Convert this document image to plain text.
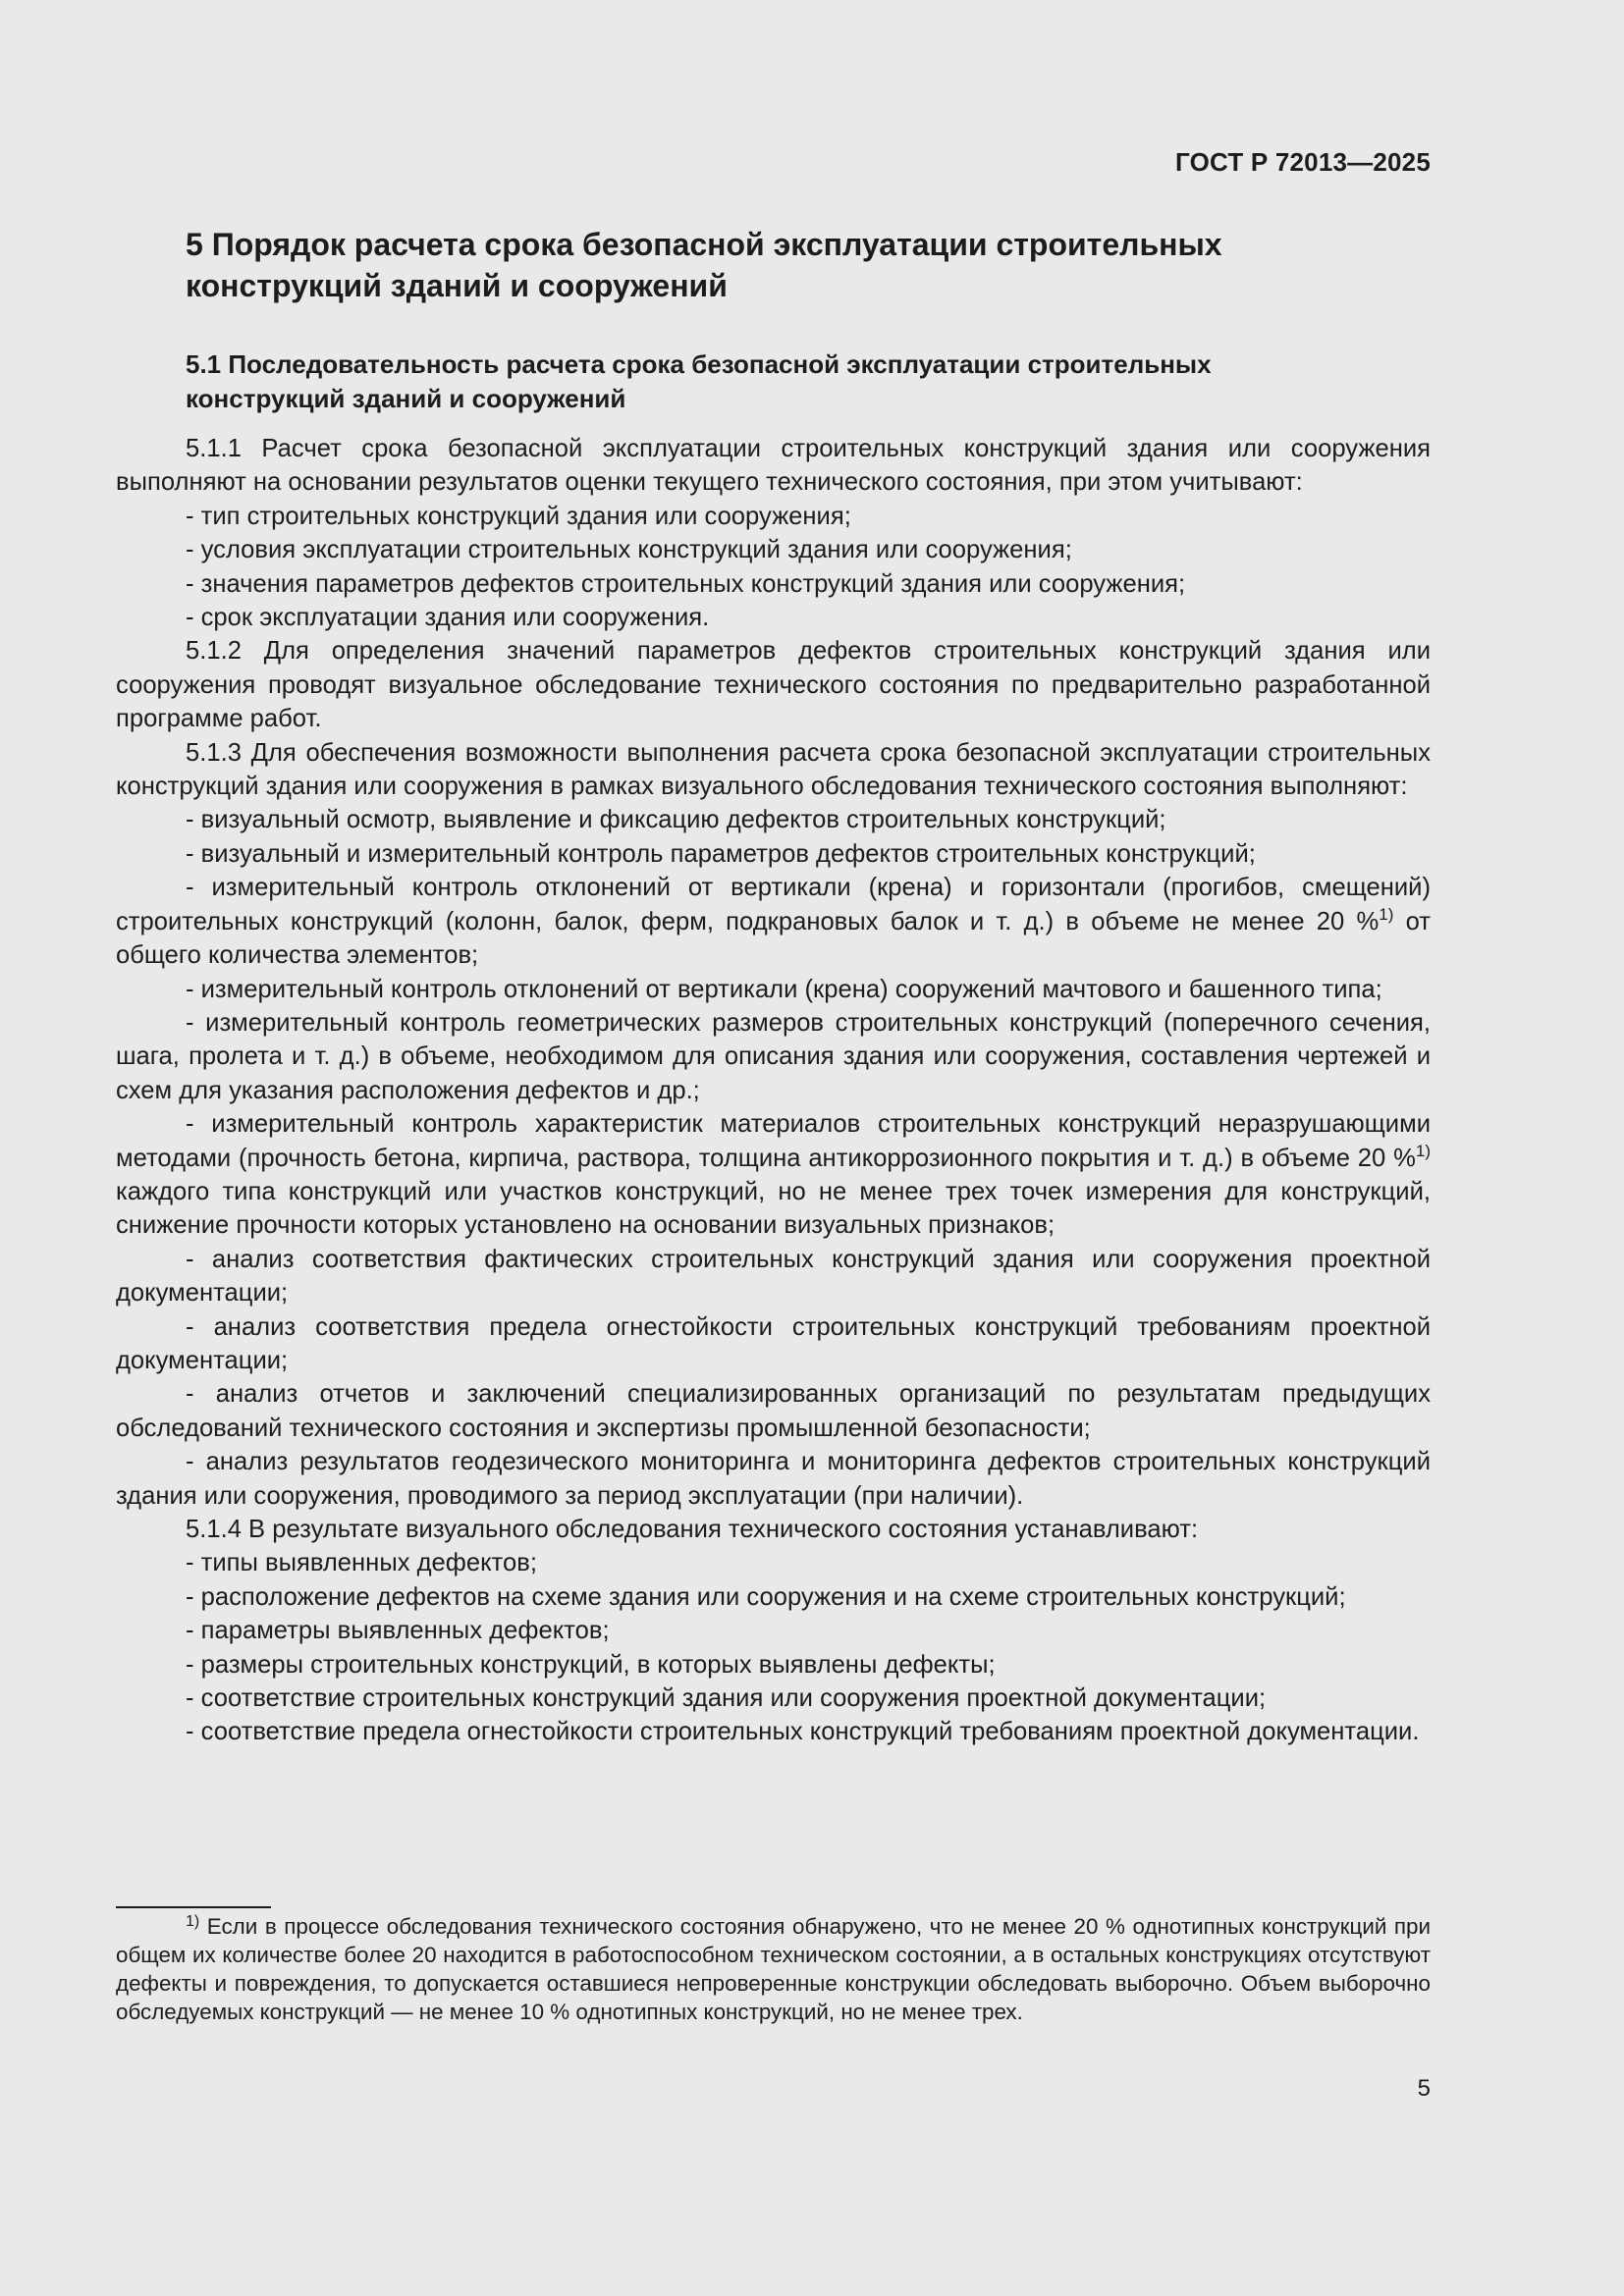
ГОСТ Р 72013—2025
5 Порядок расчета срока безопасной эксплуатации строительных конструкций зданий и сооружений
5.1 Последовательность расчета срока безопасной эксплуатации строительных конструкций зданий и сооружений

5.1.1 Расчет срока безопасной эксплуатации строительных конструкций здания или сооружения выполняют на основании результатов оценки текущего технического состояния, при этом учитывают:

- тип строительных конструкций здания или сооружения;

- условия эксплуатации строительных конструкций здания или сооружения;

- значения параметров дефектов строительных конструкций здания или сооружения;

- срок эксплуатации здания или сооружения.

5.1.2 Для определения значений параметров дефектов строительных конструкций здания или сооружения проводят визуальное обследование технического состояния по предварительно разработанной программе работ.

5.1.3 Для обеспечения возможности выполнения расчета срока безопасной эксплуатации строительных конструкций здания или сооружения в рамках визуального обследования технического состояния выполняют:

- визуальный осмотр, выявление и фиксацию дефектов строительных конструкций;

- визуальный и измерительный контроль параметров дефектов строительных конструкций;

- измерительный контроль отклонений от вертикали (крена) и горизонтали (прогибов, смещений) строительных конструкций (колонн, балок, ферм, подкрановых балок и т. д.) в объеме не менее 20 %$^{1)}$ от общего количества элементов;

- измерительный контроль отклонений от вертикали (крена) сооружений мачтового и башенного типа;

- измерительный контроль геометрических размеров строительных конструкций (поперечного сечения, шага, пролета и т. д.) в объеме, необходимом для описания здания или сооружения, составления чертежей и схем для указания расположения дефектов и др.;

- измерительный контроль характеристик материалов строительных конструкций неразрушающими методами (прочность бетона, кирпича, раствора, толщина антикоррозионного покрытия и т. д.) в объеме 20 %$^{1)}$ каждого типа конструкций или участков конструкций, но не менее трех точек измерения для конструкций, снижение прочности которых установлено на основании визуальных признаков;

- анализ соответствия фактических строительных конструкций здания или сооружения проектной документации;

- анализ соответствия предела огнестойкости строительных конструкций требованиям проектной документации;

- анализ отчетов и заключений специализированных организаций по результатам предыдущих обследований технического состояния и экспертизы промышленной безопасности;

- анализ результатов геодезического мониторинга и мониторинга дефектов строительных конструкций здания или сооружения, проводимого за период эксплуатации (при наличии).

5.1.4 В результате визуального обследования технического состояния устанавливают:

- типы выявленных дефектов;

- расположение дефектов на схеме здания или сооружения и на схеме строительных конструкций;

- параметры выявленных дефектов;

- размеры строительных конструкций, в которых выявлены дефекты;

- соответствие строительных конструкций здания или сооружения проектной документации;

- соответствие предела огнестойкости строительных конструкций требованиям проектной документации.

$^{1)}$ Если в процессе обследования технического состояния обнаружено, что не менее 20 % однотипных конструкций при общем их количестве более 20 находится в работоспособном техническом состоянии, а в остальных конструкциях отсутствуют дефекты и повреждения, то допускается оставшиеся непроверенные конструкции обследовать выборочно. Объем выборочно обследуемых конструкций — не менее 10 % однотипных конструкций, но не менее трех.

5
